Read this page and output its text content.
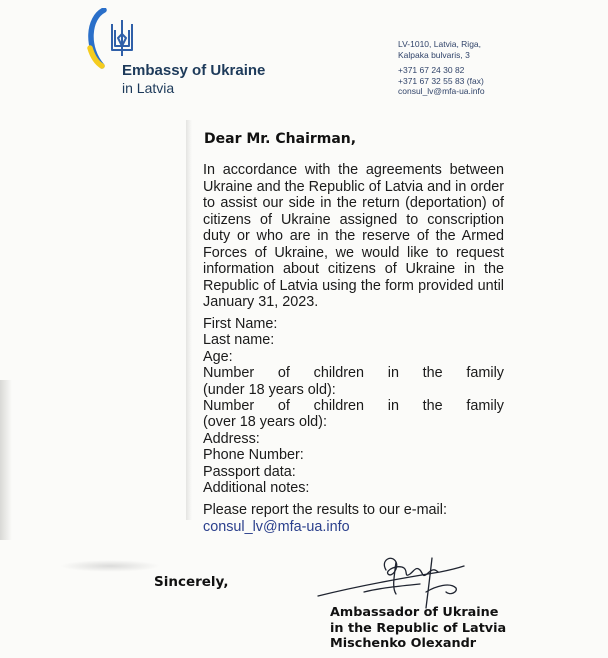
Embassy of Ukraine
in Latvia
LV-1010, Latvia, Riga,
Kalpaka bulvaris, 3
+371 67 24 30 82
+371 67 32 55 83 (fax)
consul_lv@mfa-ua.info
Dear Mr. Chairman,
In accordance with the agreements between Ukraine and the Republic of Latvia and in order to assist our side in the return (deportation) of citizens of Ukraine assigned to conscription duty or who are in the reserve of the Armed Forces of Ukraine, we would like to request information about citizens of Ukraine in the Republic of Latvia using the form provided until January 31, 2023.
First Name:
Last name:
Age:
Number of children in the family
(under 18 years old):
Number of children in the family
(over 18 years old):
Address:
Phone Number:
Passport data:
Additional notes:
Please report the results to our e-mail:
consul_lv@mfa-ua.info
Sincerely,
Ambassador of Ukraine
in the Republic of Latvia
Mischenko Olexandr
